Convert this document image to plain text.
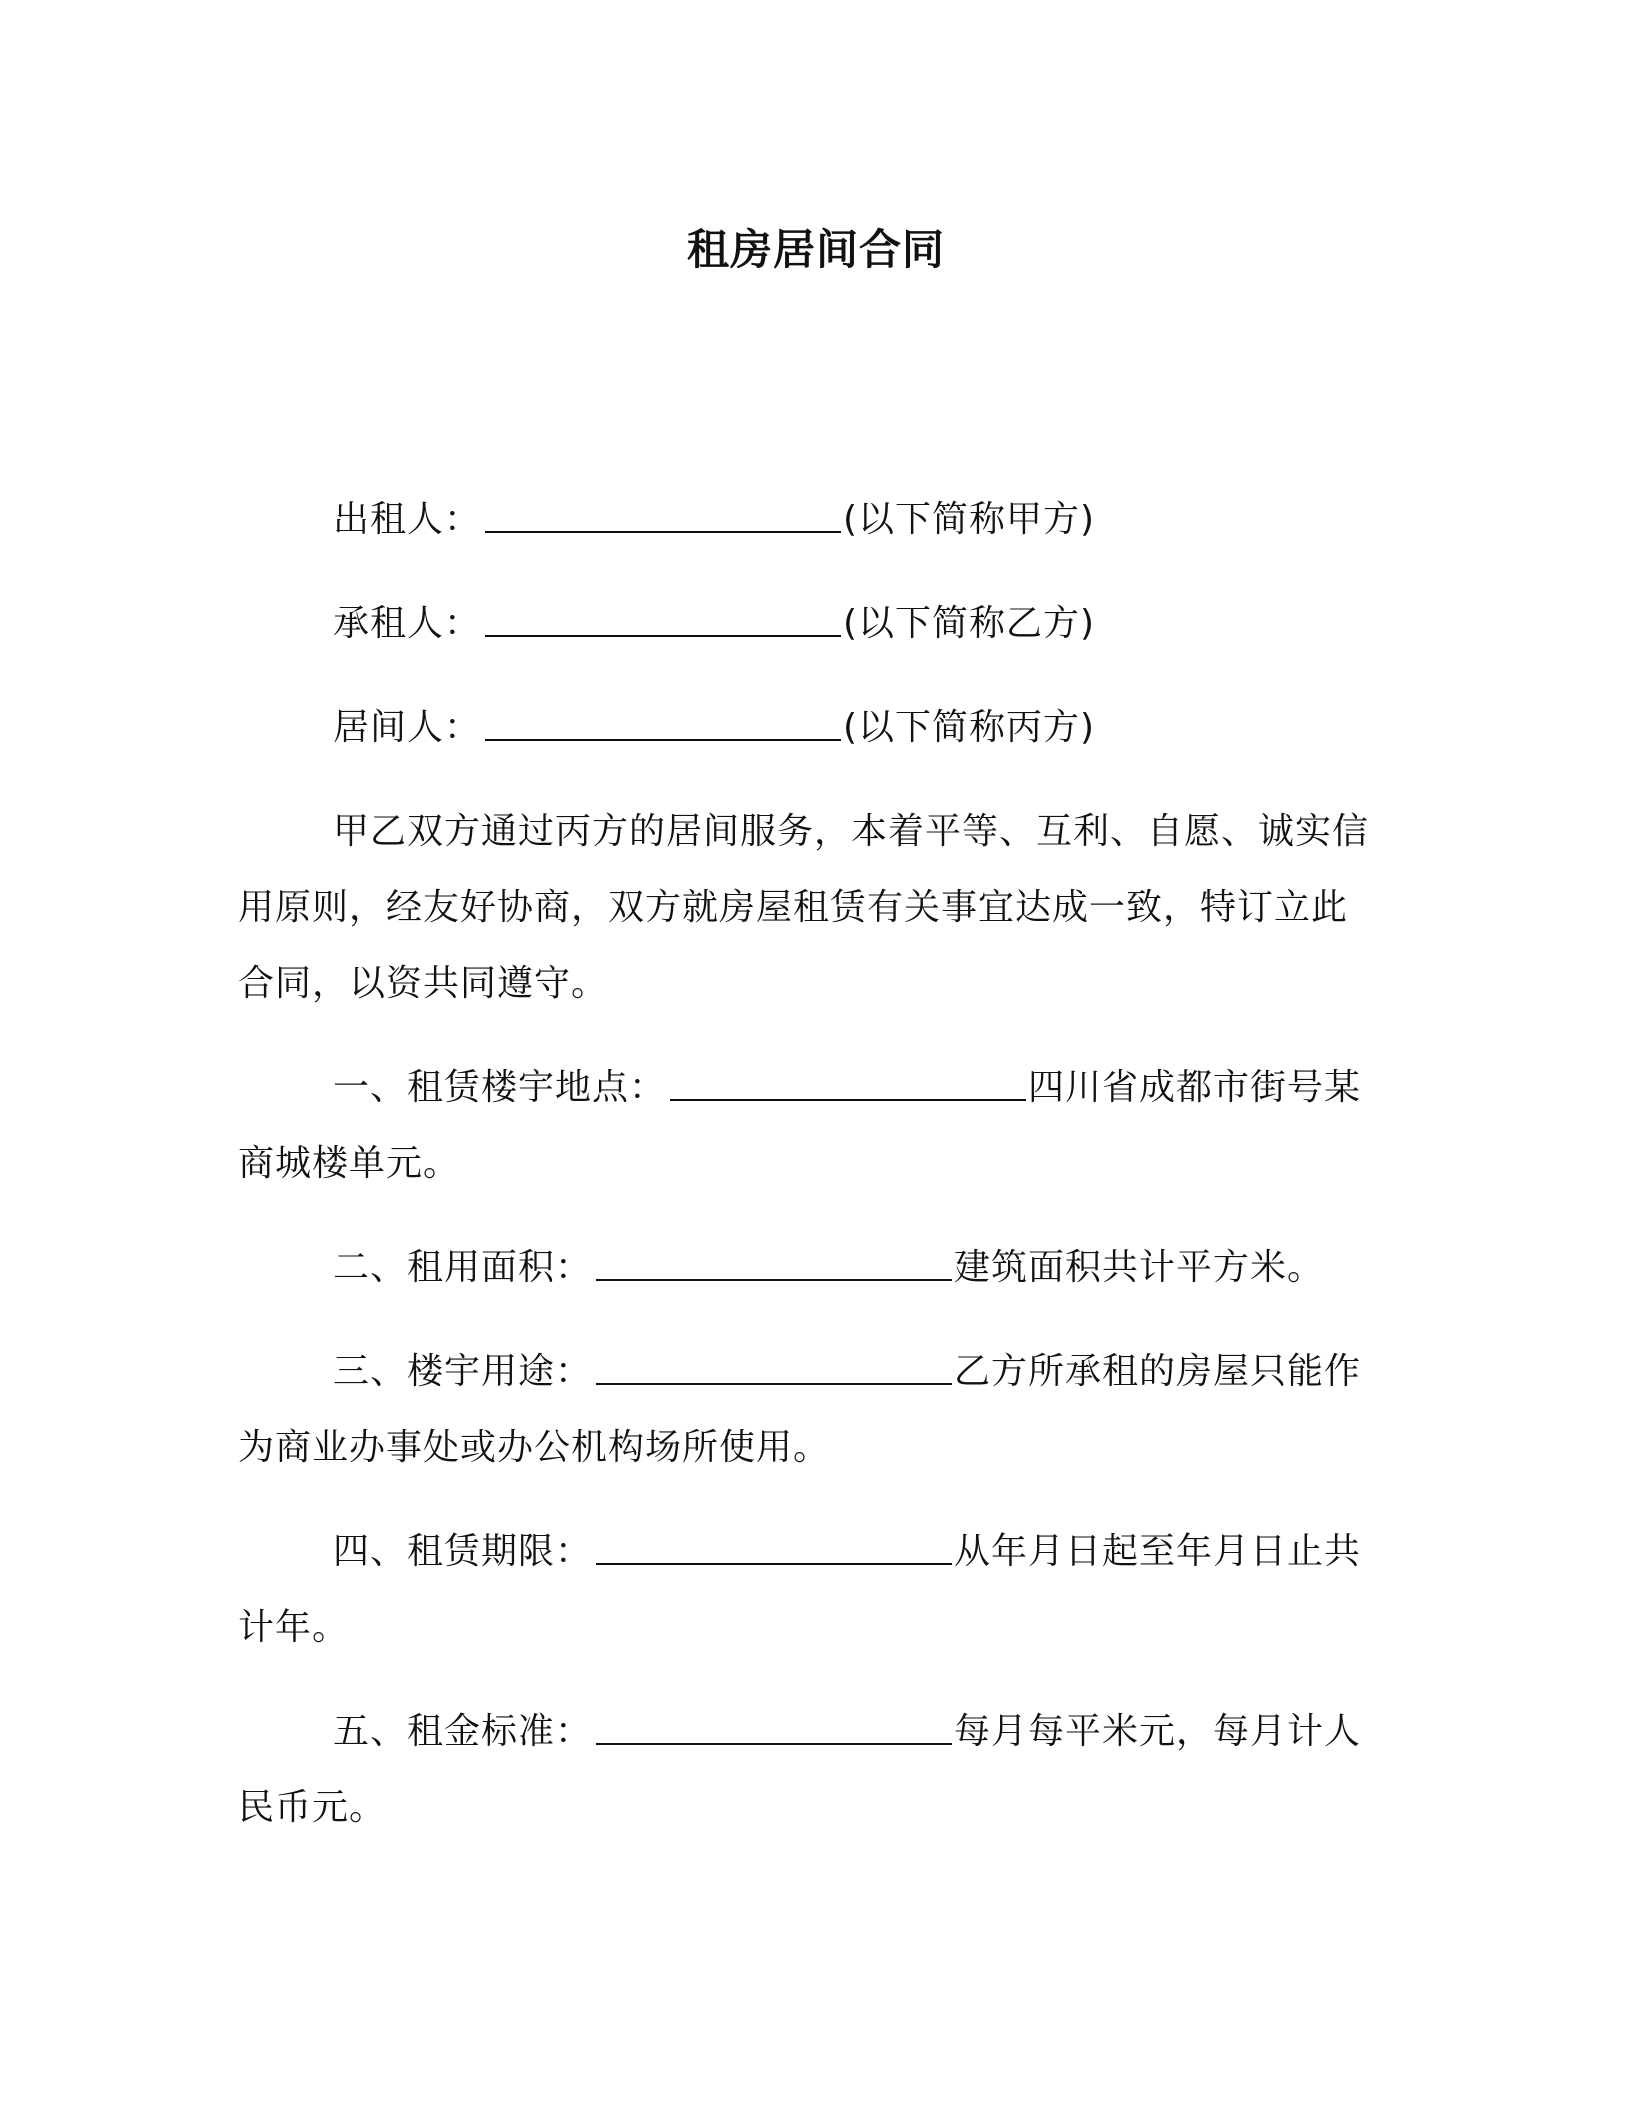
租房居间合同
出租人：	(以下简称甲方)
承租人：	(以下简称乙方)
居间人：	(以下简称丙方)
甲乙双方通过丙方的居间服务，本着平等、互利、自愿、诚实信
用原则，经友好协商，双方就房屋租赁有关事宜达成一致，特订立此
合同，以资共同遵守。
一、租赁楼宇地点：	四川省成都市街号某
商城楼单元。
二、租用面积：	建筑面积共计平方米。
三、楼宇用途：	乙方所承租的房屋只能作
为商业办事处或办公机构场所使用。
四、租赁期限：	从年月日起至年月日止共
计年。
五、租金标准：	每月每平米元，每月计人
民币元。
